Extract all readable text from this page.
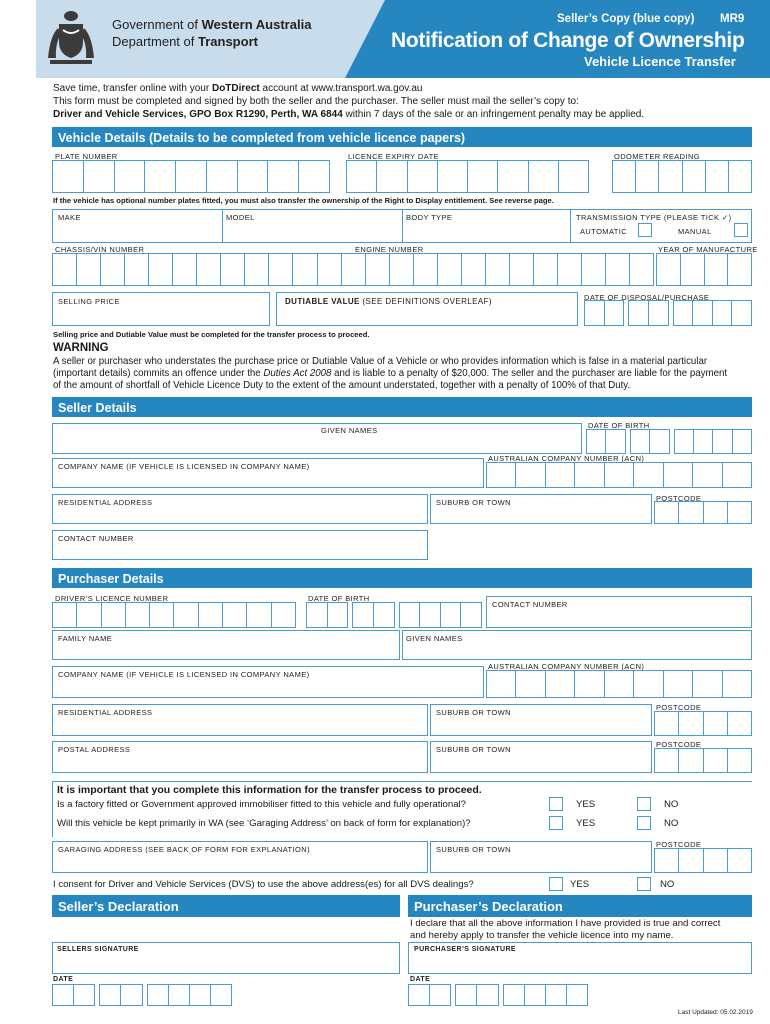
Government of Western Australia
Department of Transport
Seller’s Copy (blue copy) MR9
Notification of Change of Ownership
Vehicle Licence Transfer
Save time, transfer online with your DoTDirect account at www.transport.wa.gov.au
This form must be completed and signed by both the seller and the purchaser. The seller must mail the seller’s copy to:
Driver and Vehicle Services, GPO Box R1290, Perth, WA 6844 within 7 days of the sale or an infringement penalty may be applied.
Vehicle Details (Details to be completed from vehicle licence papers)
PLATE NUMBER	LICENCE EXPIRY DATE	ODOMETER READING
If the vehicle has optional number plates fitted, you must also transfer the ownership of the Right to Display entitlement. See reverse page.
MAKE	MODEL	BODY TYPE	TRANSMISSION TYPE (PLEASE TICK ✓)
AUTOMATIC	MANUAL
CHASSIS/VIN NUMBER	ENGINE NUMBER	YEAR OF MANUFACTURE
SELLING PRICE	DUTIABLE VALUE (SEE DEFINITIONS OVERLEAF)	DATE OF DISPOSAL/PURCHASE
Selling price and Dutiable Value must be completed for the transfer process to proceed.
WARNING
A seller or purchaser who understates the purchase price or Dutiable Value of a Vehicle or who provides information which is false in a material particular
(important details) commits an offence under the Duties Act 2008 and is liable to a penalty of $20,000. The seller and the purchaser are liable for the payment
of the amount of shortfall of Vehicle Licence Duty to the extent of the amount understated, together with a penalty of 100% of that Duty.
Seller Details
GIVEN NAMES
DATE OF BIRTH
COMPANY NAME (IF VEHICLE IS LICENSED IN COMPANY NAME)
AUSTRALIAN COMPANY NUMBER (ACN)
RESIDENTIAL ADDRESS	SUBURB OR TOWN	POSTCODE
CONTACT NUMBER
Purchaser Details
DRIVER’S LICENCE NUMBER	DATE OF BIRTH
CONTACT NUMBER
FAMILY NAME	GIVEN NAMES
COMPANY NAME (IF VEHICLE IS LICENSED IN COMPANY NAME)
AUSTRALIAN COMPANY NUMBER (ACN)
RESIDENTIAL ADDRESS	SUBURB OR TOWN
POSTCODE
POSTAL ADDRESS	SUBURB OR TOWN
POSTCODE
It is important that you complete this information for the transfer process to proceed.
Is a factory fitted or Government approved immobiliser fitted to this vehicle and fully operational?	YES	NO
Will this vehicle be kept primarily in WA (see ‘Garaging Address’ on back of form for explanation)?	YES	NO
GARAGING ADDRESS (SEE BACK OF FORM FOR EXPLANATION)	SUBURB OR TOWN
POSTCODE
I consent for Driver and Vehicle Services (DVS) to use the above address(es) for all DVS dealings?	YES	NO
Seller’s Declaration	Purchaser’s Declaration
I declare that all the above information I have provided is true and correct
and hereby apply to transfer the vehicle licence into my name.
SELLERS SIGNATURE	PURCHASER’S SIGNATURE
DATE	DATE
Last Updated: 05.02.2019
